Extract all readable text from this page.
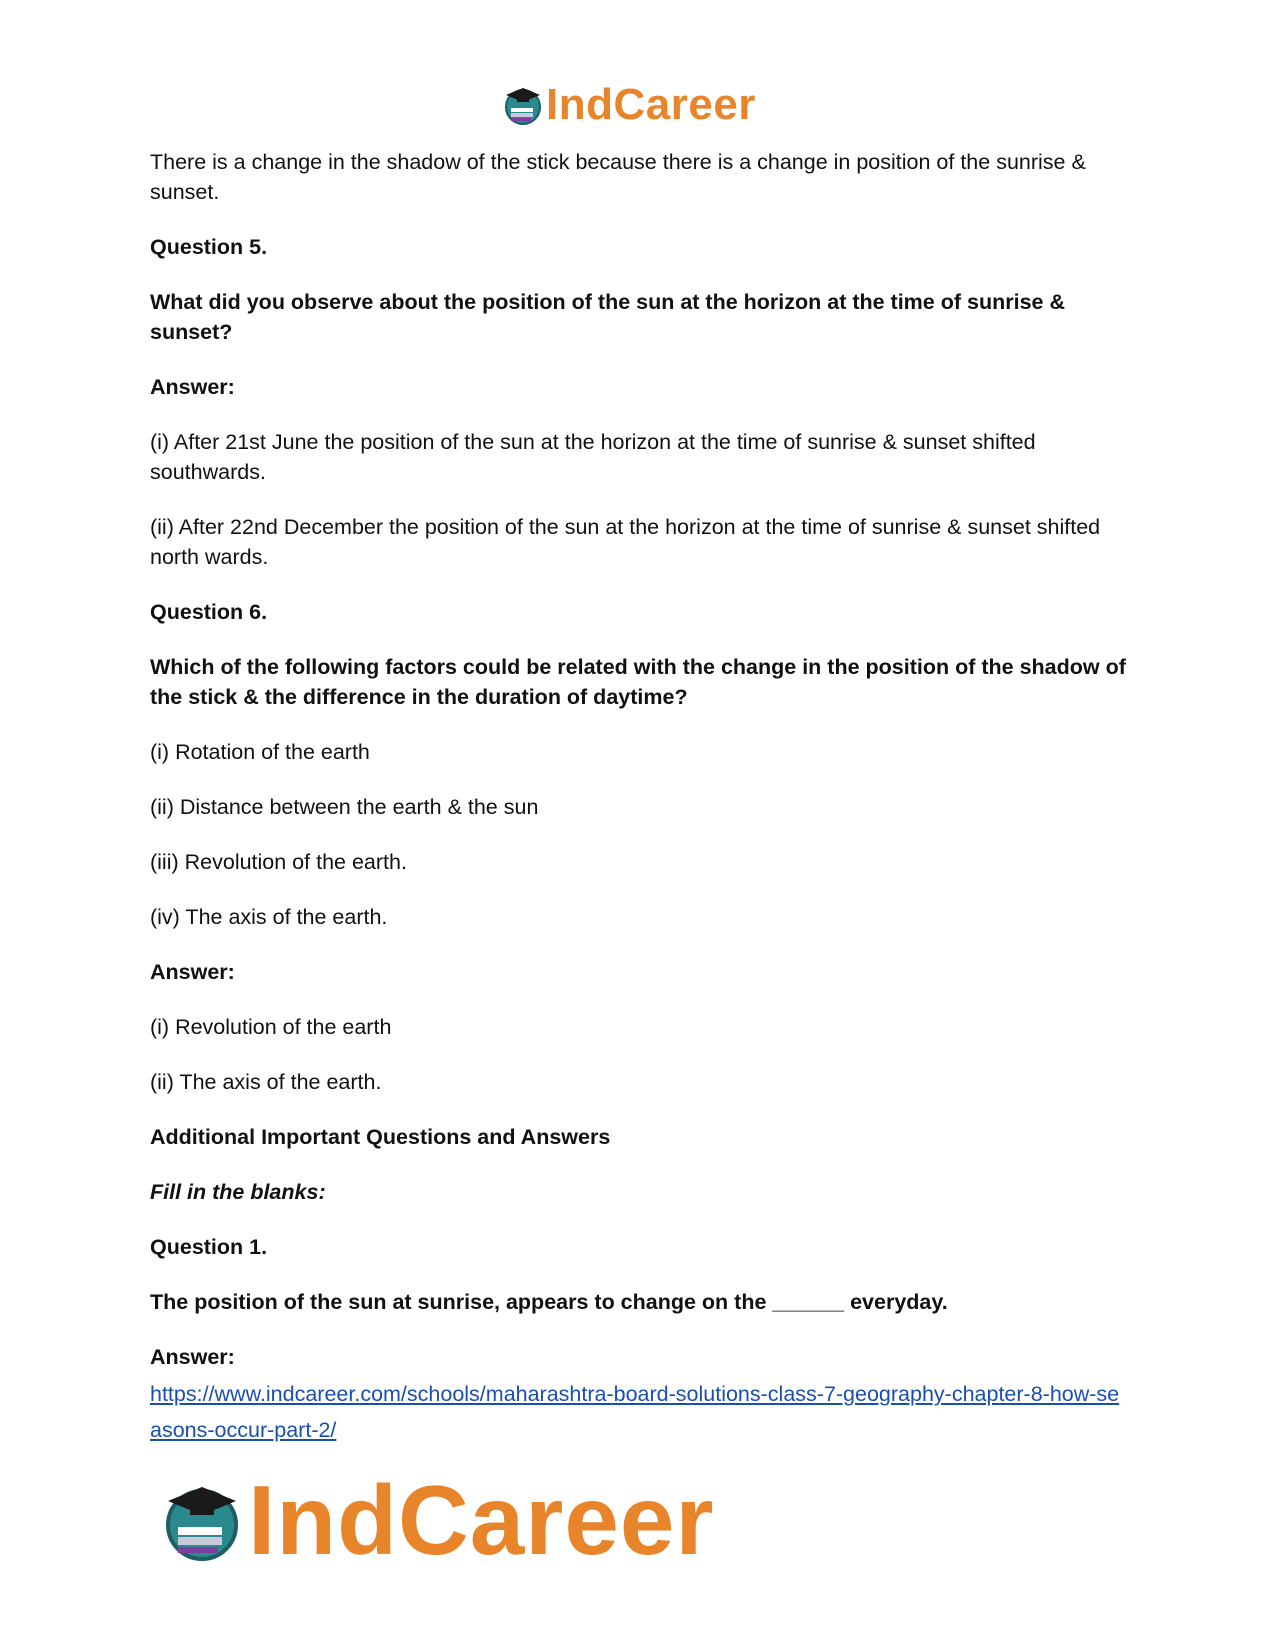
IndCareer

There is a change in the shadow of the stick because there is a change in position of the sunrise & sunset.

Question 5.

What did you observe about the position of the sun at the horizon at the time of sunrise & sunset?

Answer:

(i) After 21st June the position of the sun at the horizon at the time of sunrise & sunset shifted southwards.

(ii) After 22nd December the position of the sun at the horizon at the time of sunrise & sunset shifted north wards.

Question 6.

Which of the following factors could be related with the change in the position of the shadow of the stick & the difference in the duration of daytime?

(i) Rotation of the earth

(ii) Distance between the earth & the sun

(iii) Revolution of the earth.

(iv) The axis of the earth.

Answer:

(i) Revolution of the earth

(ii) The axis of the earth.

Additional Important Questions and Answers

Fill in the blanks:

Question 1.

The position of the sun at sunrise, appears to change on the ______ everyday.

Answer:

https://www.indcareer.com/schools/maharashtra-board-solutions-class-7-geography-chapter-8-how-seasons-occur-part-2/
IndCareer
